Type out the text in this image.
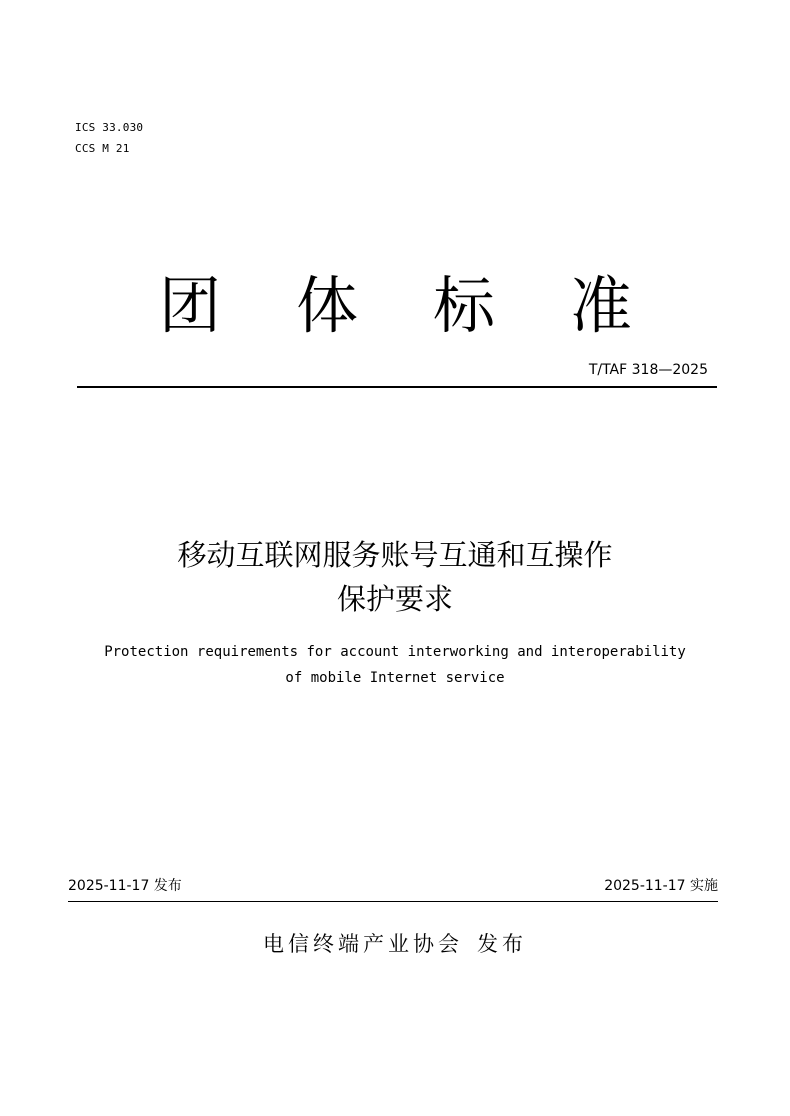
ICS 33.030
CCS M 21
团 体 标 准
T/TAF 318—2025
移动互联网服务账号互通和互操作
保护要求
Protection requirements for account interworking and interoperability
of mobile Internet service
2025-11-17 发布	2025-11-17 实施
电信终端产业协会 发布
